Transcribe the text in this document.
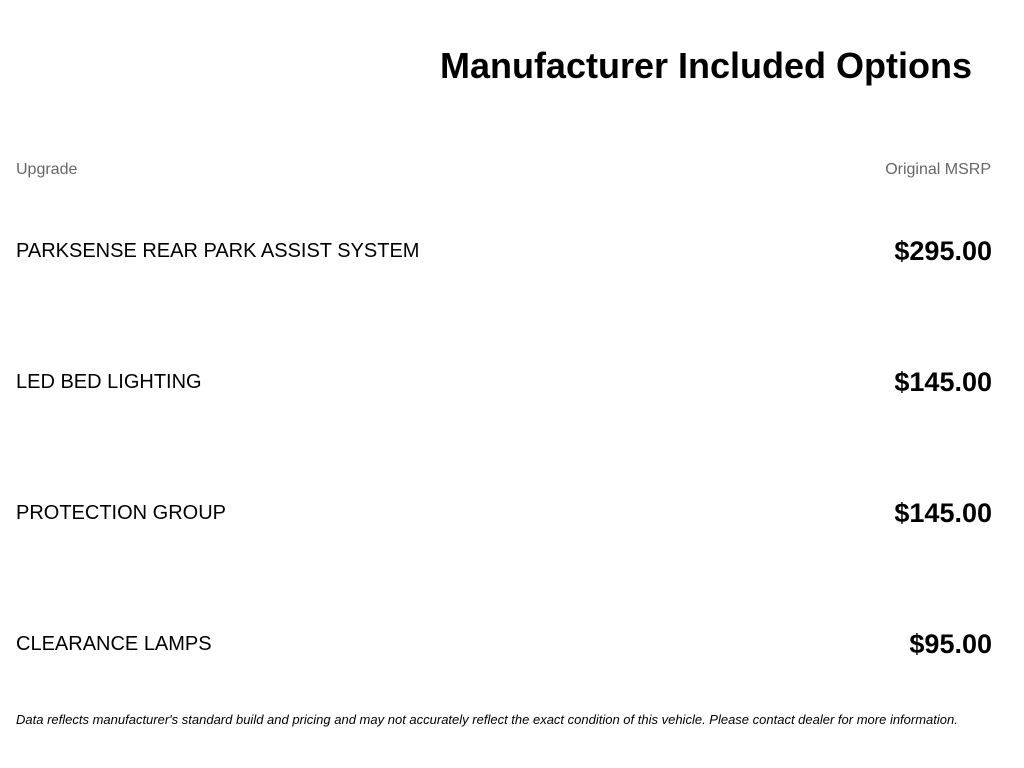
Manufacturer Included Options
Upgrade	Original MSRP
PARKSENSE REAR PARK ASSIST SYSTEM	$295.00
LED BED LIGHTING	$145.00
PROTECTION GROUP	$145.00
CLEARANCE LAMPS	$95.00

Data reflects manufacturer's standard build and pricing and may not accurately reflect the exact condition of this vehicle. Please contact dealer for more information.
